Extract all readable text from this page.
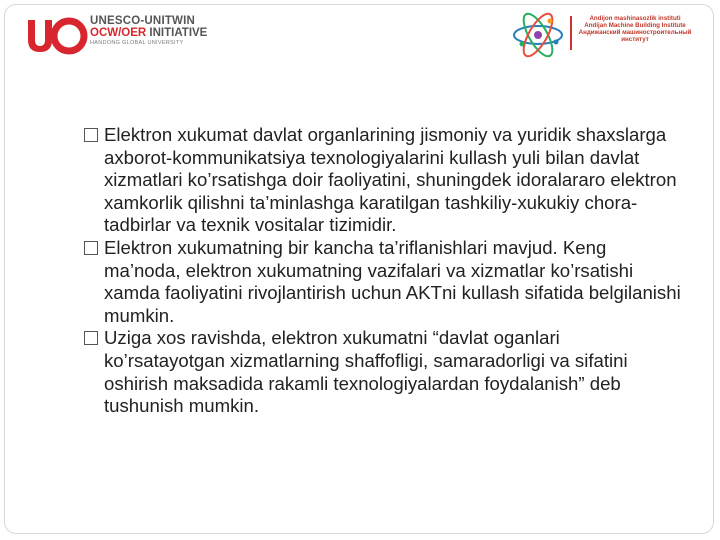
UNESCO-UNITWIN
OCW/OER INITIATIVE
HANDONG GLOBAL UNIVERSITY
Andijon mashinasozlik instituti
Andijan Machine Building Institute
Андижанский машиностроительный
институт

Elektron xukumat davlat organlarining jismoniy va yuridik shaxslarga axborot-kommunikatsiya texnologiyalarini kullash yuli bilan davlat xizmatlari ko’rsatishga doir faoliyatini, shuningdek idoralararo elektron xamkorlik qilishni ta’minlashga karatilgan tashkiliy-xukukiy chora-tadbirlar va texnik vositalar tizimidir.

Elektron xukumatning bir kancha ta’riflanishlari mavjud. Keng ma’noda, elektron xukumatning vazifalari va xizmatlar ko’rsatishi xamda faoliyatini rivojlantirish uchun AKTni kullash sifatida belgilanishi mumkin.

Uziga xos ravishda, elektron xukumatni “davlat oganlari ko’rsatayotgan xizmatlarning shaffofligi, samaradorligi va sifatini oshirish maksadida rakamli texnologiyalardan foydalanish” deb tushunish mumkin.
